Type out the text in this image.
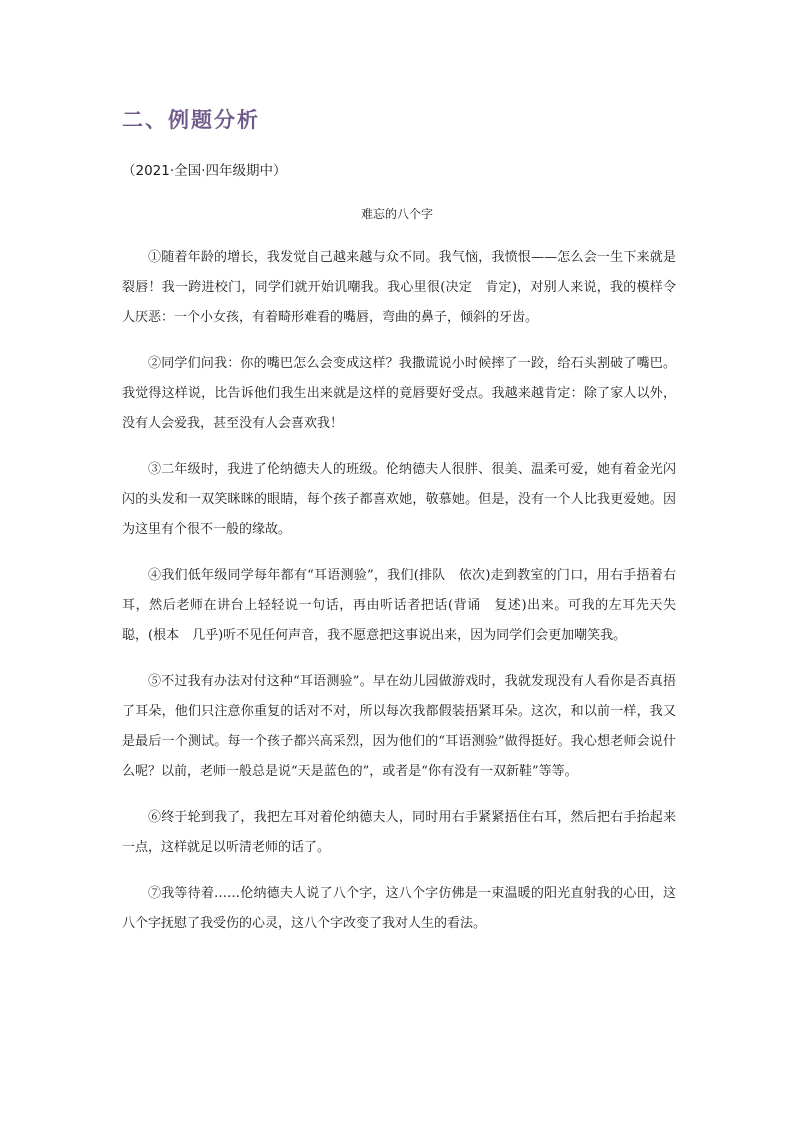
二、例题分析
（2021·全国·四年级期中）
难忘的八个字

①随着年龄的增长，我发觉自己越来越与众不同。我气恼，我愤恨——怎么会一生下来就是裂唇！我一跨进校门，同学们就开始讥嘲我。我心里很(决定　肯定)，对别人来说，我的模样令人厌恶：一个小女孩，有着畸形难看的嘴唇，弯曲的鼻子，倾斜的牙齿。

②同学们问我：你的嘴巴怎么会变成这样？我撒谎说小时候摔了一跤，给石头割破了嘴巴。我觉得这样说，比告诉他们我生出来就是这样的竟唇要好受点。我越来越肯定：除了家人以外，没有人会爱我，甚至没有人会喜欢我！

③二年级时，我进了伦纳德夫人的班级。伦纳德夫人很胖、很美、温柔可爱，她有着金光闪闪的头发和一双笑眯眯的眼睛，每个孩子都喜欢她，敬慕她。但是，没有一个人比我更爱她。因为这里有个很不一般的缘故。

④我们低年级同学每年都有“耳语测验”，我们(排队　依次)走到教室的门口，用右手捂着右耳，然后老师在讲台上轻轻说一句话，再由听话者把话(背诵　复述)出来。可我的左耳先天失聪，(根本　几乎)听不见任何声音，我不愿意把这事说出来，因为同学们会更加嘲笑我。

⑤不过我有办法对付这种“耳语测验”。早在幼儿园做游戏时，我就发现没有人看你是否真捂了耳朵，他们只注意你重复的话对不对，所以每次我都假装捂紧耳朵。这次，和以前一样，我又是最后一个测试。每一个孩子都兴高采烈，因为他们的“耳语测验”做得挺好。我心想老师会说什么呢？以前，老师一般总是说“天是蓝色的”，或者是“你有没有一双新鞋”等等。

⑥终于轮到我了，我把左耳对着伦纳德夫人，同时用右手紧紧捂住右耳，然后把右手抬起来一点，这样就足以听清老师的话了。

⑦我等待着……伦纳德夫人说了八个字，这八个字仿佛是一束温暖的阳光直射我的心田，这八个字抚慰了我受伤的心灵，这八个字改变了我对人生的看法。
